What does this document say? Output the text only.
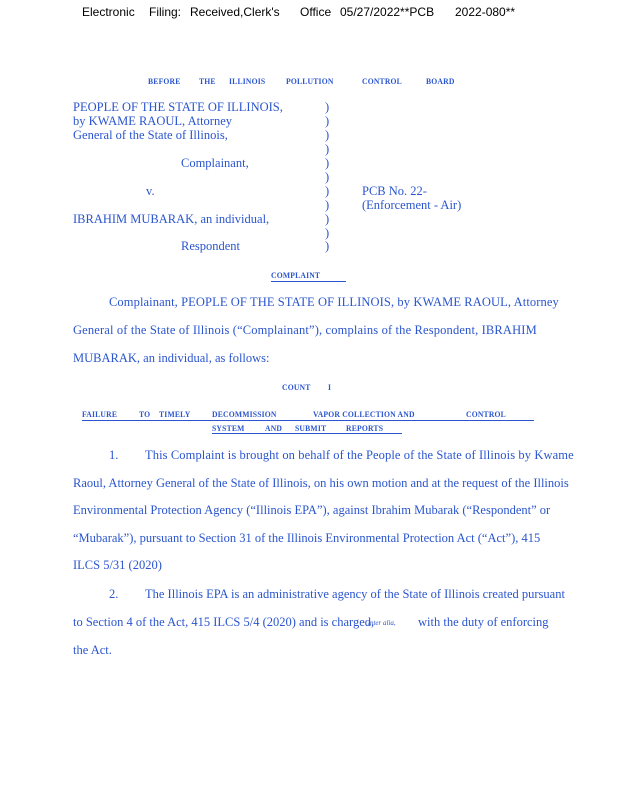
Electronic Filing: Received,Clerk's Office 05/27/2022**PCB 2022-080**
BEFORE THE ILLINOIS POLLUTION	CONTROL	BOARD
PEOPLE OF THE STATE OF ILLINOIS,
by KWAME RAOUL, Attorney
General of the State of Illinois,
Complainant,
v.
IBRAHIM MUBARAK, an individual,
Respondent
PCB No. 22-
(Enforcement - Air)
)
)
)
)
)
)
)
)
)
)
)
COMPLAINT
Complainant, PEOPLE OF THE STATE OF ILLINOIS, by KWAME RAOUL, Attorney
General of the State of Illinois (“Complainant”), complains of the Respondent, IBRAHIM
MUBARAK, an individual, as follows:
COUNT I
FAILURE	TO TIMELY	DECOMMISSION	VAPOR COLLECTION AND	CONTROL
SYSTEM AND SUBMIT REPORTS
1. This Complaint is brought on behalf of the People of the State of Illinois by Kwame
Raoul, Attorney General of the State of Illinois, on his own motion and at the request of the Illinois
Environmental Protection Agency (“Illinois EPA”), against Ibrahim Mubarak (“Respondent” or
“Mubarak”), pursuant to Section 31 of the Illinois Environmental Protection Act (“Act”), 415
ILCS 5/31 (2020)
2. The Illinois EPA is an administrative agency of the State of Illinois created pursuant
to Section 4 of the Act, 415 ILCS 5/4 (2020) and is charged,
inter alia, with the duty of enforcing
the Act.
